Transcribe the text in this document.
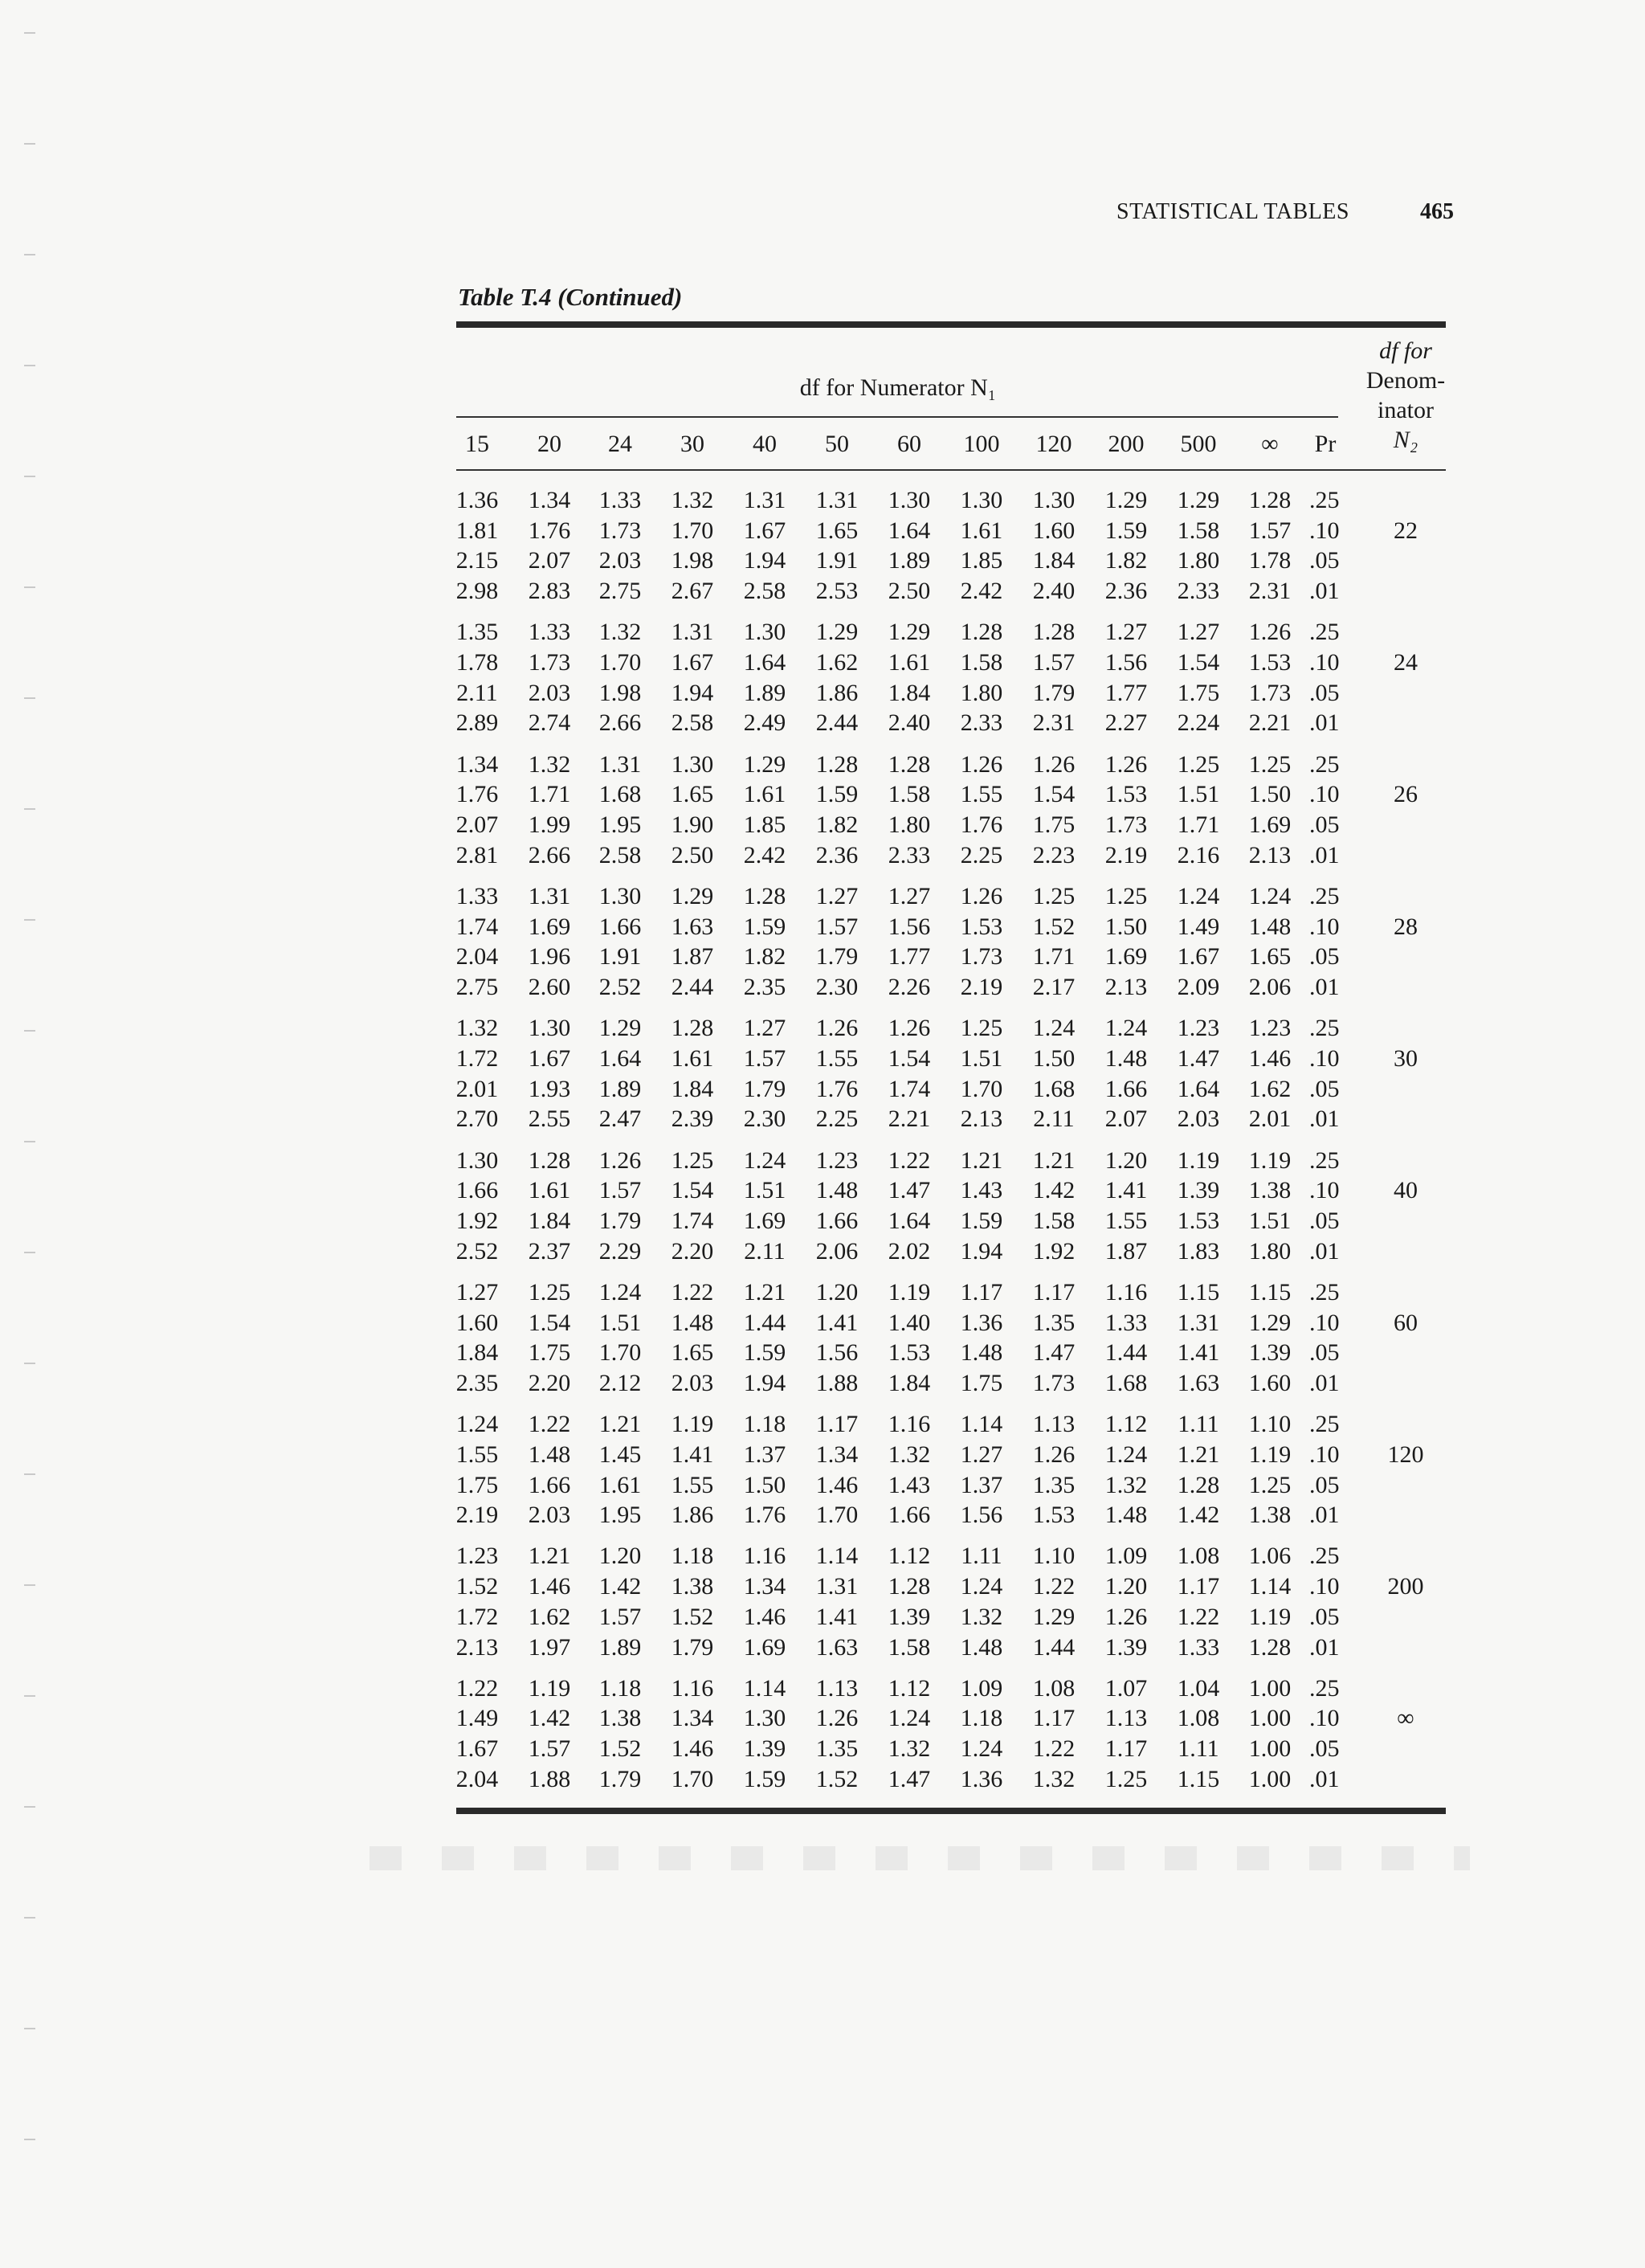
STATISTICAL TABLES	465
Table T.4 (Continued)
df for Numerator N₁
df for
Denom-
inator
N₂
15	20	24	30	40	50	60	100	120	200	500	∞	Pr
1.36	1.34	1.33	1.32	1.31	1.31	1.30	1.30	1.30	1.29	1.29	1.28 .25
1.81	1.76	1.73	1.70	1.67	1.65	1.64	1.61	1.60	1.59	1.58	1.57 .10
2.15	2.07	2.03	1.98	1.94	1.91	1.89	1.85	1.84	1.82	1.80	1.78 .05
2.98	2.83	2.75	2.67	2.58	2.53	2.50	2.42	2.40	2.36	2.33	2.31 .01
22
1.35	1.33	1.32	1.31	1.30	1.29	1.29	1.28	1.28	1.27	1.27	1.26 .25
1.78	1.73	1.70	1.67	1.64	1.62	1.61	1.58	1.57	1.56	1.54	1.53 .10
2.11	2.03	1.98	1.94	1.89	1.86	1.84	1.80	1.79	1.77	1.75	1.73 .05
2.89	2.74	2.66	2.58	2.49	2.44	2.40	2.33	2.31	2.27	2.24	2.21 .01
24
1.34	1.32	1.31	1.30	1.29	1.28	1.28	1.26	1.26	1.26	1.25	1.25 .25
1.76	1.71	1.68	1.65	1.61	1.59	1.58	1.55	1.54	1.53	1.51	1.50 .10
2.07	1.99	1.95	1.90	1.85	1.82	1.80	1.76	1.75	1.73	1.71	1.69 .05
2.81	2.66	2.58	2.50	2.42	2.36	2.33	2.25	2.23	2.19	2.16	2.13 .01
26
1.33	1.31	1.30	1.29	1.28	1.27	1.27	1.26	1.25	1.25	1.24	1.24 .25
1.74	1.69	1.66	1.63	1.59	1.57	1.56	1.53	1.52	1.50	1.49	1.48 .10
2.04	1.96	1.91	1.87	1.82	1.79	1.77	1.73	1.71	1.69	1.67	1.65 .05
2.75	2.60	2.52	2.44	2.35	2.30	2.26	2.19	2.17	2.13	2.09	2.06 .01
28
1.32	1.30	1.29	1.28	1.27	1.26	1.26	1.25	1.24	1.24	1.23	1.23 .25
1.72	1.67	1.64	1.61	1.57	1.55	1.54	1.51	1.50	1.48	1.47	1.46 .10
2.01	1.93	1.89	1.84	1.79	1.76	1.74	1.70	1.68	1.66	1.64	1.62 .05
2.70	2.55	2.47	2.39	2.30	2.25	2.21	2.13	2.11	2.07	2.03	2.01 .01
30
1.30	1.28	1.26	1.25	1.24	1.23	1.22	1.21	1.21	1.20	1.19	1.19 .25
1.66	1.61	1.57	1.54	1.51	1.48	1.47	1.43	1.42	1.41	1.39	1.38 .10
1.92	1.84	1.79	1.74	1.69	1.66	1.64	1.59	1.58	1.55	1.53	1.51 .05
2.52	2.37	2.29	2.20	2.11	2.06	2.02	1.94	1.92	1.87	1.83	1.80 .01
40
1.27	1.25	1.24	1.22	1.21	1.20	1.19	1.17	1.17	1.16	1.15	1.15 .25
1.60	1.54	1.51	1.48	1.44	1.41	1.40	1.36	1.35	1.33	1.31	1.29 .10
1.84	1.75	1.70	1.65	1.59	1.56	1.53	1.48	1.47	1.44	1.41	1.39 .05
2.35	2.20	2.12	2.03	1.94	1.88	1.84	1.75	1.73	1.68	1.63	1.60 .01
60
1.24	1.22	1.21	1.19	1.18	1.17	1.16	1.14	1.13	1.12	1.11	1.10 .25
1.55	1.48	1.45	1.41	1.37	1.34	1.32	1.27	1.26	1.24	1.21	1.19 .10
1.75	1.66	1.61	1.55	1.50	1.46	1.43	1.37	1.35	1.32	1.28	1.25 .05
2.19	2.03	1.95	1.86	1.76	1.70	1.66	1.56	1.53	1.48	1.42	1.38 .01
120
1.23	1.21	1.20	1.18	1.16	1.14	1.12	1.11	1.10	1.09	1.08	1.06 .25
1.52	1.46	1.42	1.38	1.34	1.31	1.28	1.24	1.22	1.20	1.17	1.14 .10
1.72	1.62	1.57	1.52	1.46	1.41	1.39	1.32	1.29	1.26	1.22	1.19 .05
2.13	1.97	1.89	1.79	1.69	1.63	1.58	1.48	1.44	1.39	1.33	1.28 .01
200
1.22	1.19	1.18	1.16	1.14	1.13	1.12	1.09	1.08	1.07	1.04	1.00 .25
1.49	1.42	1.38	1.34	1.30	1.26	1.24	1.18	1.17	1.13	1.08	1.00 .10
1.67	1.57	1.52	1.46	1.39	1.35	1.32	1.24	1.22	1.17	1.11	1.00 .05
2.04	1.88	1.79	1.70	1.59	1.52	1.47	1.36	1.32	1.25	1.15	1.00 .01
∞
